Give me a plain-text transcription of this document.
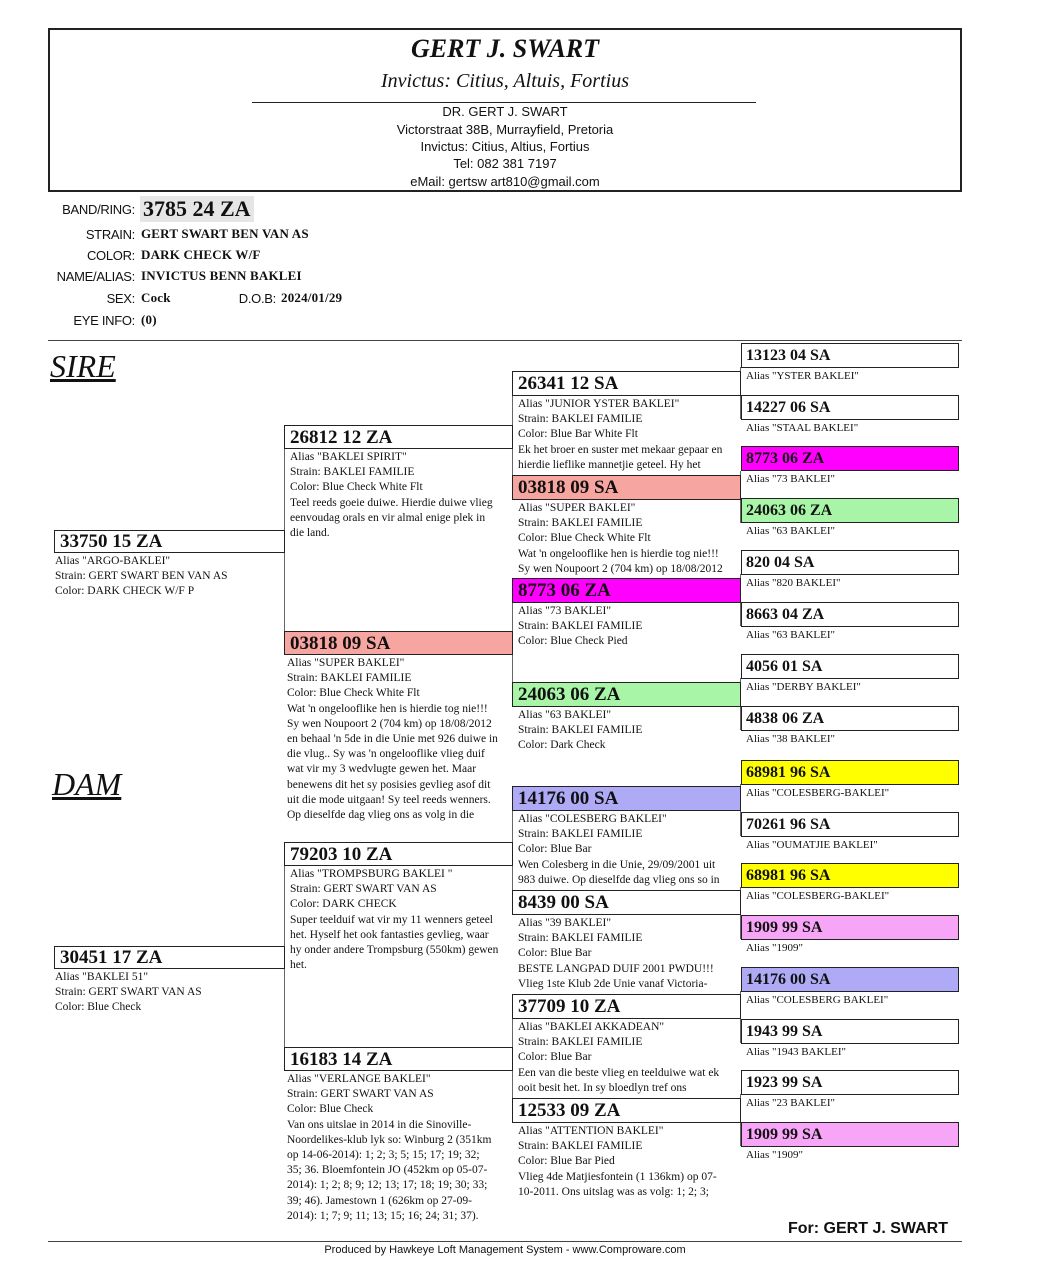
GERT J. SWART
Invictus: Citius, Altuis, Fortius
DR. GERT J. SWART
Victorstraat 38B, Murrayfield, Pretoria
Invictus: Citius, Altius, Fortius
Tel: 082 381 7197
eMail: gertsw art810@gmail.com
BAND/RING: 3785 24 ZA
STRAIN: GERT SWART BEN VAN AS
COLOR: DARK CHECK W/F
NAME/ALIAS: INVICTUS BENN BAKLEI
SEX: Cock	D.O.B: 2024/01/29
EYE INFO: (0)
SIRE
DAM
33750 15 ZA
Alias "ARGO-BAKLEI"
Strain: GERT SWART BEN VAN AS
Color: DARK CHECK W/F P
30451 17 ZA
Alias "BAKLEI 51"
Strain: GERT SWART VAN AS
Color: Blue Check
26812 12 ZA
Alias "BAKLEI SPIRIT"
Strain: BAKLEI FAMILIE
Color: Blue Check White Flt
Teel reeds goeie duiwe. Hierdie duiwe vlieg
eenvoudag orals en vir almal enige plek in
die land.
03818 09 SA
Alias "SUPER BAKLEI"
Strain: BAKLEI FAMILIE
Color: Blue Check White Flt
Wat 'n ongelooflike hen is hierdie tog nie!!!
Sy wen Noupoort 2 (704 km) op 18/08/2012
en behaal 'n 5de in die Unie met 926 duiwe in
die vlug.. Sy was 'n ongelooflike vlieg duif
wat vir my 3 wedvlugte gewen het. Maar
benewens dit het sy posisies gevlieg asof dit
uit die mode uitgaan! Sy teel reeds wenners.
Op dieselfde dag vlieg ons as volg in die
79203 10 ZA
Alias "TROMPSBURG BAKLEI "
Strain: GERT SWART VAN AS
Color: DARK CHECK
Super teelduif wat vir my 11 wenners geteel
het. Hyself het ook fantasties gevlieg, waar
hy onder andere Trompsburg (550km) gewen
het.
16183 14 ZA
Alias "VERLANGE BAKLEI"
Strain: GERT SWART VAN AS
Color: Blue Check
Van ons uitslae in 2014 in die Sinoville-
Noordelikes-klub lyk so: Winburg 2 (351km
op 14-06-2014): 1; 2; 3; 5; 15; 17; 19; 32;
35; 36. Bloemfontein JO (452km op 05-07-
2014): 1; 2; 8; 9; 12; 13; 17; 18; 19; 30; 33;
39; 46). Jamestown 1 (626km op 27-09-
2014): 1; 7; 9; 11; 13; 15; 16; 24; 31; 37).
26341 12 SA
Alias "JUNIOR YSTER BAKLEI"
Strain: BAKLEI FAMILIE
Color: Blue Bar White Flt
Ek het broer en suster met mekaar gepaar en
hierdie lieflike mannetjie geteel. Hy het
03818 09 SA
Alias "SUPER BAKLEI"
Strain: BAKLEI FAMILIE
Color: Blue Check White Flt
Wat 'n ongelooflike hen is hierdie tog nie!!!
Sy wen Noupoort 2 (704 km) op 18/08/2012
8773 06 ZA
Alias "73 BAKLEI"
Strain: BAKLEI FAMILIE
Color: Blue Check Pied
24063 06 ZA
Alias "63 BAKLEI"
Strain: BAKLEI FAMILIE
Color: Dark Check
14176 00 SA
Alias "COLESBERG BAKLEI"
Strain: BAKLEI FAMILIE
Color: Blue Bar
Wen Colesberg in die Unie, 29/09/2001 uit
983 duiwe. Op dieselfde dag vlieg ons so in
8439 00 SA
Alias "39 BAKLEI"
Strain: BAKLEI FAMILIE
Color: Blue Bar
BESTE LANGPAD DUIF 2001 PWDU!!!
Vlieg 1ste Klub 2de Unie vanaf Victoria-
37709 10 ZA
Alias "BAKLEI AKKADEAN"
Strain: BAKLEI FAMILIE
Color: Blue Bar
Een van die beste vlieg en teelduiwe wat ek
ooit besit het. In sy bloedlyn tref ons
12533 09 ZA
Alias "ATTENTION BAKLEI"
Strain: BAKLEI FAMILIE
Color: Blue Bar Pied
Vlieg 4de Matjiesfontein (1 136km) op 07-
10-2011. Ons uitslag was as volg: 1; 2; 3;
13123 04 SA
Alias "YSTER BAKLEI"
14227 06 SA
Alias "STAAL BAKLEI"
8773 06 ZA
Alias "73 BAKLEI"
24063 06 ZA
Alias "63 BAKLEI"
820 04 SA
Alias "820 BAKLEI"
8663 04 ZA
Alias "63 BAKLEI"
4056 01 SA
Alias "DERBY BAKLEI"
4838 06 ZA
Alias "38 BAKLEI"
68981 96 SA
Alias "COLESBERG-BAKLEI"
70261 96 SA
Alias "OUMATJIE BAKLEI"
68981 96 SA
Alias "COLESBERG-BAKLEI"
1909 99 SA
Alias "1909"
14176 00 SA
Alias "COLESBERG BAKLEI"
1943 99 SA
Alias "1943 BAKLEI"
1923 99 SA
Alias "23 BAKLEI"
1909 99 SA
Alias "1909"
For: GERT J. SWART
Produced by Hawkeye Loft Management System - www.Comproware.com
